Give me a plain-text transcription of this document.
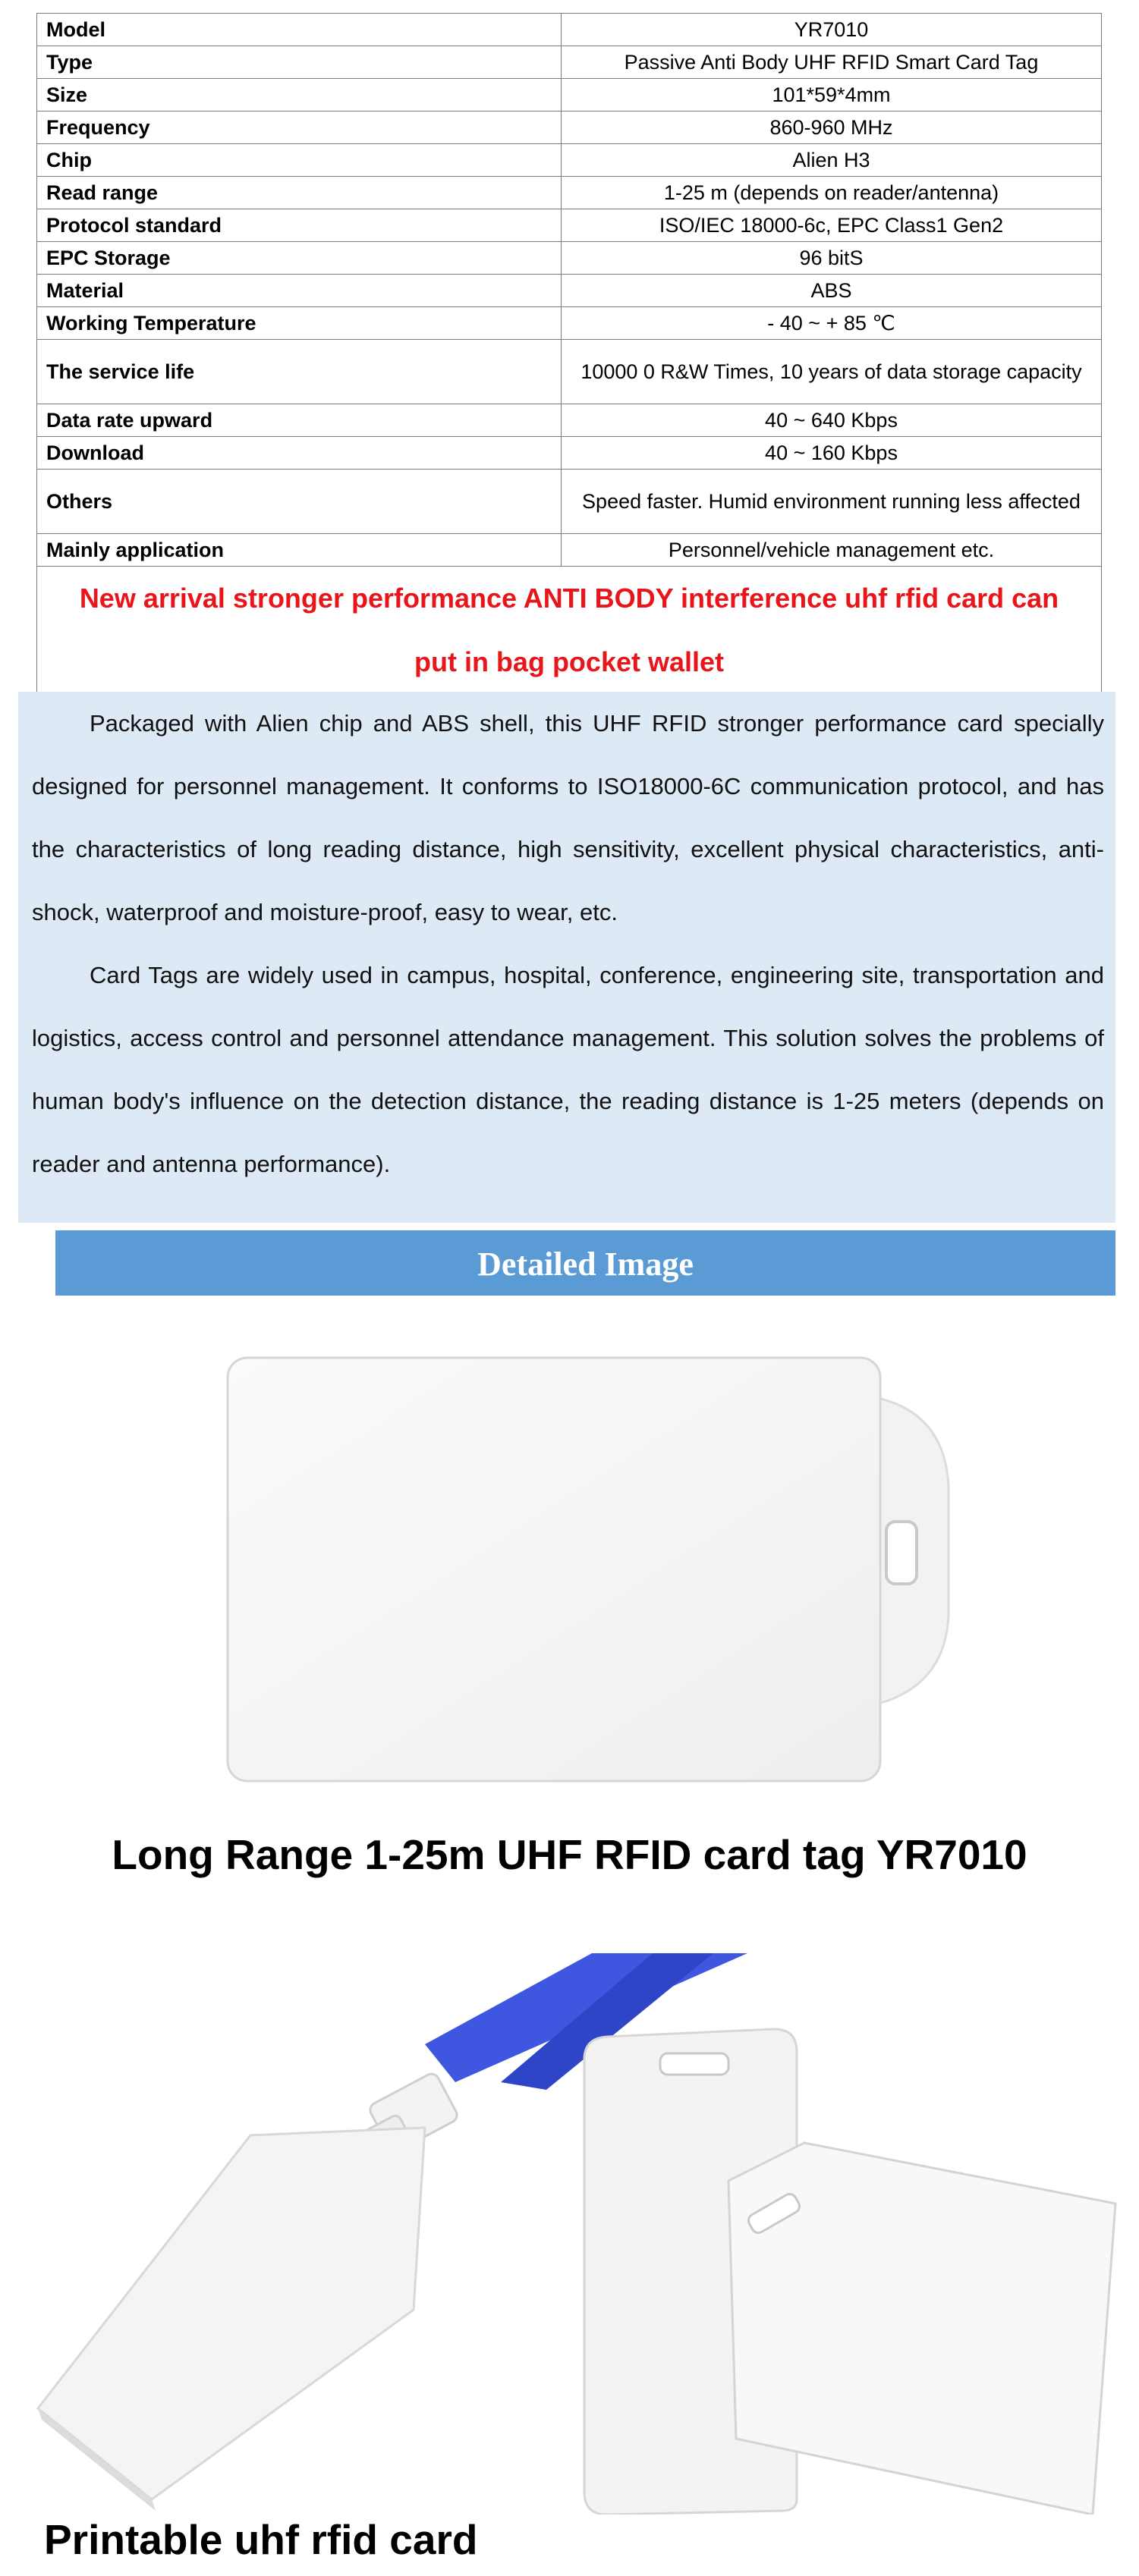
Model	YR7010
Type	Passive Anti Body UHF RFID Smart Card Tag
Size	101*59*4mm
Frequency	860-960 MHz
Chip	Alien H3
Read range	1-25 m (depends on reader/antenna)
Protocol standard	ISO/IEC 18000-6c, EPC Class1 Gen2
EPC Storage	96 bitS
Material	ABS
Working Temperature	- 40 ~ + 85 ℃
The service life	10000 0 R&W Times, 10 years of data storage capacity
Data rate upward	40 ~ 640 Kbps
Download	40 ~ 160 Kbps
Others	Speed faster. Humid environment running less affected
Mainly application	Personnel/vehicle management etc.
New arrival stronger performance ANTI BODY interference uhf rfid card can put in bag pocket wallet	

Packaged with Alien chip and ABS shell, this UHF RFID stronger performance card specially designed for personnel management. It conforms to ISO18000-6C communication protocol, and has the characteristics of long reading distance, high sensitivity, excellent physical characteristics, anti-shock, waterproof and moisture-proof, easy to wear, etc.

Card Tags are widely used in campus, hospital, conference, engineering site, transportation and logistics, access control and personnel attendance management. This solution solves the problems of human body's influence on the detection distance, the reading distance is 1-25 meters (depends on reader and antenna performance).

Detailed Image
Long Range 1-25m UHF RFID card tag YR7010
Printable uhf rfid card
